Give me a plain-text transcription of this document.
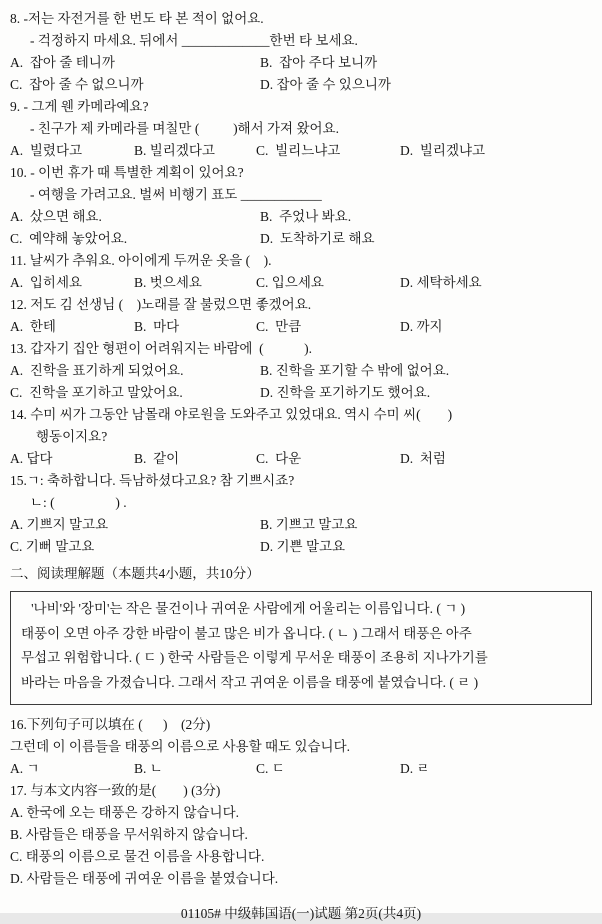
8. -저는 자전거를 한 번도 타 본 적이 없어요.
- 걱정하지 마세요. 뒤에서 _____________한번 타 보세요.
A.  잡아 줄 테니까	B.  잡아 주다 보니까
C.  잡아 줄 수 없으니까	D. 잡아 줄 수 있으니까
9. - 그게 웬 카메라예요?
- 친구가 제 카메라를 며칠만 (          )해서 가져 왔어요.
A.  빌렸다고	B. 빌리겠다고	C.  빌리느냐고	D.  빌리겠냐고
10. - 이번 휴가 때 특별한 계획이 있어요?
- 여행을 가려고요. 벌써 비행기 표도 ____________
A.  샀으면 해요.	B.  주었나 봐요.
C.  예약해 놓았어요.	D.  도착하기로 해요
11. 날씨가 추워요. 아이에게 두꺼운 옷을 (    ).
A.  입히세요	B. 벗으세요	C. 입으세요	D. 세탁하세요
12. 저도 김 선생님 (    )노래를 잘 불렀으면 좋겠어요.
A.  한테	B.  마다	C.  만큼	D. 까지
13. 갑자기 집안 형편이 어려워지는 바람에  (            ).
A.  진학을 표기하게 되었어요.	B. 진학을 포기할 수 밖에 없어요.
C.  진학을 포기하고 말았어요.	D. 진학을 포기하기도 했어요.
14. 수미 씨가 그동안 남몰래 야로원을 도와주고 있었대요. 역시 수미 씨(        )
행동이지요?
A. 답다	B.  같이	C.  다운	D.  처럼
15.ㄱ: 축하합니다. 득남하셨다고요? 참 기쁘시죠?
ㄴ: (                  ) .
A. 기쁘지 말고요	B. 기쁘고 말고요
C. 기뻐 말고요	D. 기쁜 말고요
二、阅读理解题（本题共4小题，共10分）
'나비'와 '장미'는 작은 물건이나 귀여운 사람에게 어울리는 이름입니다. ( ㄱ )
태풍이 오면 아주 강한 바람이 불고 많은 비가 옵니다. ( ㄴ ) 그래서 태풍은 아주
무섭고 위험합니다. ( ㄷ ) 한국 사람들은 이렇게 무서운 태풍이 조용히 지나가기를
바라는 마음을 가졌습니다. 그래서 작고 귀여운 이름을 태풍에 붙였습니다. ( ㄹ )
16.下列句子可以填在 (      )    (2分)
그런데 이 이름들을 태풍의 이름으로 사용할 때도 있습니다.
A. ㄱ	B. ㄴ	C. ㄷ	D. ㄹ
17. 与本文内容一致的是(        ) (3分)
A. 한국에 오는 태풍은 강하지 않습니다.
B. 사람들은 태풍을 무서워하지 않습니다.
C. 태풍의 이름으로 물건 이름을 사용합니다.
D. 사람들은 태풍에 귀여운 이름을 붙였습니다.
01105# 中级韩国语(一)试题 第2页(共4页)
